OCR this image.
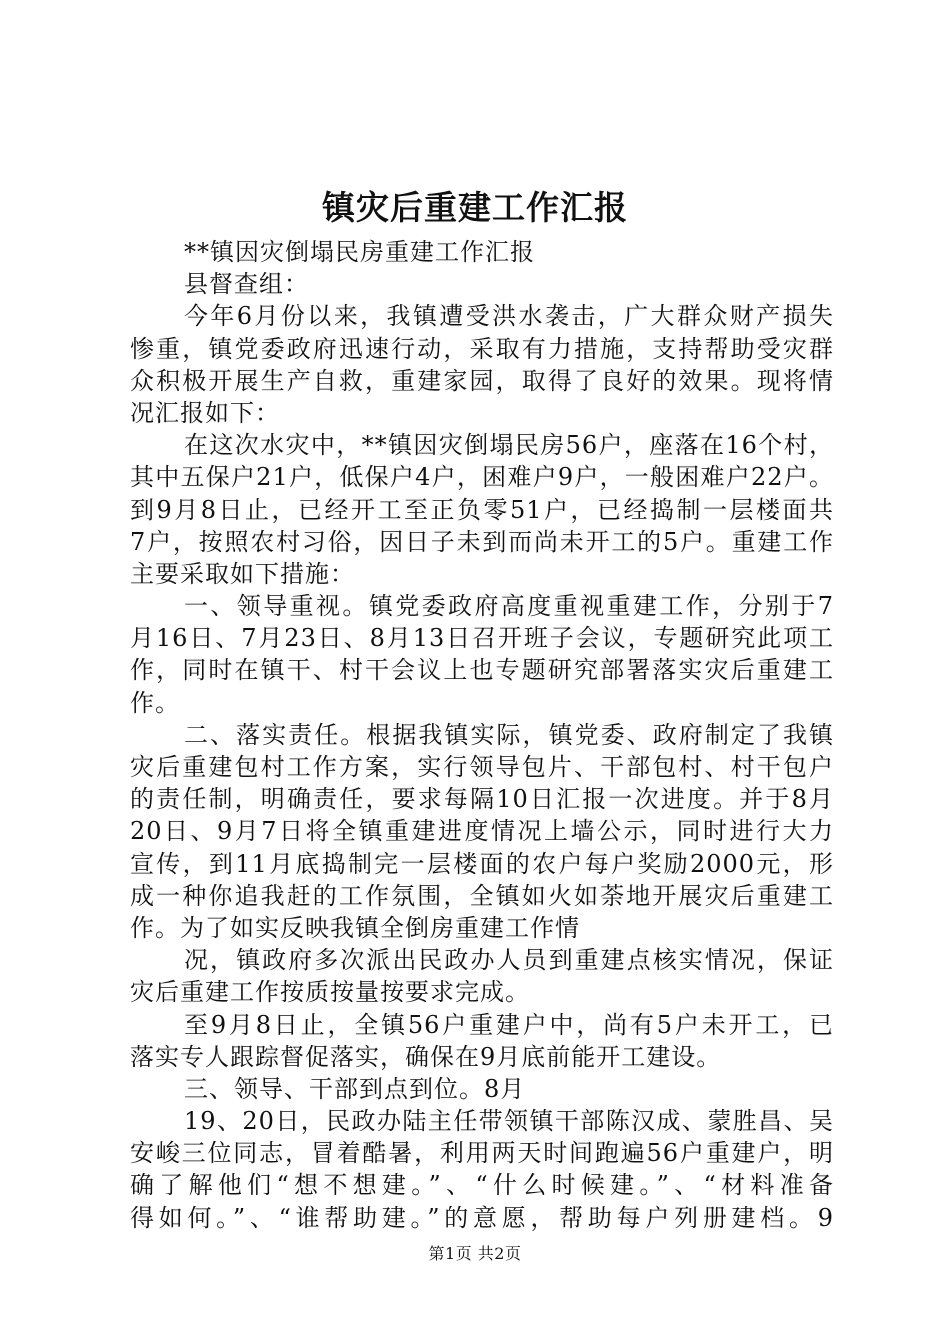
镇灾后重建工作汇报
**镇因灾倒塌民房重建工作汇报
县督查组：
今年6月份以来，我镇遭受洪水袭击，广大群众财产损失
惨重，镇党委政府迅速行动，采取有力措施，支持帮助受灾群
众积极开展生产自救，重建家园，取得了良好的效果。现将情
况汇报如下：
在这次水灾中，**镇因灾倒塌民房56户，座落在16个村，
其中五保户21户，低保户4户，困难户9户，一般困难户22户。
到9月8日止，已经开工至正负零51户，已经捣制一层楼面共
7户，按照农村习俗，因日子未到而尚未开工的5户。重建工作
主要采取如下措施：
一、领导重视。镇党委政府高度重视重建工作，分别于7
月16日、7月23日、8月13日召开班子会议，专题研究此项工
作，同时在镇干、村干会议上也专题研究部署落实灾后重建工
作。
二、落实责任。根据我镇实际，镇党委、政府制定了我镇
灾后重建包村工作方案，实行领导包片、干部包村、村干包户
的责任制，明确责任，要求每隔10日汇报一次进度。并于8月
20日、9月7日将全镇重建进度情况上墙公示，同时进行大力
宣传，到11月底捣制完一层楼面的农户每户奖励2000元，形
成一种你追我赶的工作氛围，全镇如火如荼地开展灾后重建工
作。为了如实反映我镇全倒房重建工作情
况，镇政府多次派出民政办人员到重建点核实情况，保证
灾后重建工作按质按量按要求完成。
至9月8日止，全镇56户重建户中，尚有5户未开工，已
落实专人跟踪督促落实，确保在9月底前能开工建设。
三、领导、干部到点到位。8月
19、20日，民政办陆主任带领镇干部陈汉成、蒙胜昌、吴
安峻三位同志，冒着酷暑，利用两天时间跑遍56户重建户，明
确了解他们“想不想建。”、“什么时候建。”、“材料准备
得如何。”、“谁帮助建。”的意愿，帮助每户列册建档。9
第1页 共2页
